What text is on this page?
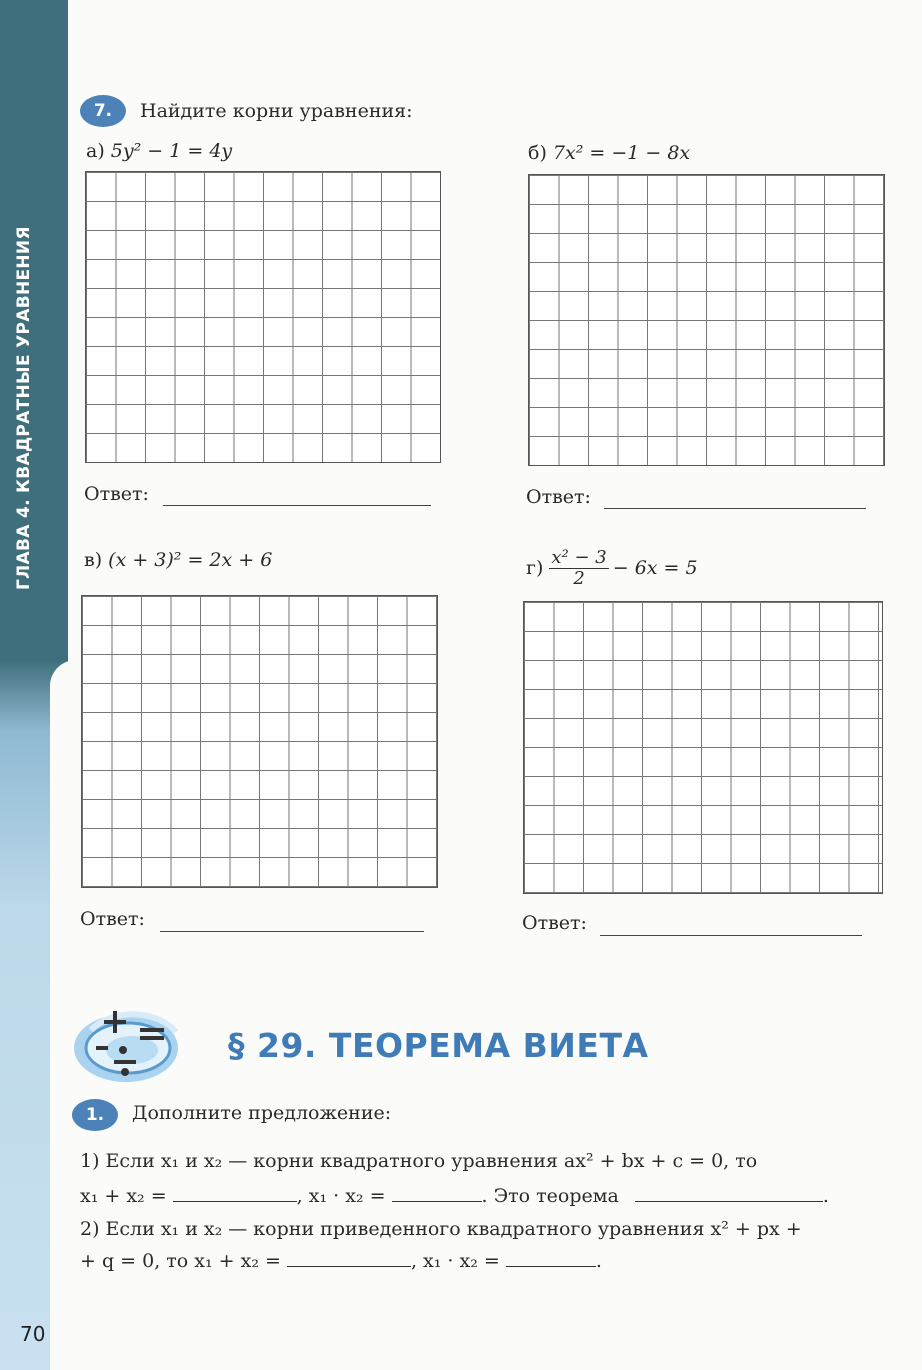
ГЛАВА 4. КВАДРАТНЫЕ УРАВНЕНИЯ
70
7.	Найдите корни уравнения:
а) 5y² − 1 = 4y
Ответ:
б) 7x² = −1 − 8x
Ответ:
в) (x + 3)² = 2x + 6
Ответ:
$г) \frac{\text{x² − 3}}{2} - 6x = 5$
Ответ:
§ 29. ТЕОРЕМА ВИЕТА
1.	Дополните предложение:
1) Если x₁ и x₂ — корни квадратного уравнения ax² + bx + c = 0, то
x₁ + x₂ =	, x₁ · x₂ =	. Это теорема	.
2) Если x₁ и x₂ — корни приведенного квадратного уравнения x² + px +
+ q = 0, то x₁ + x₂ =	, x₁ · x₂ =	.
